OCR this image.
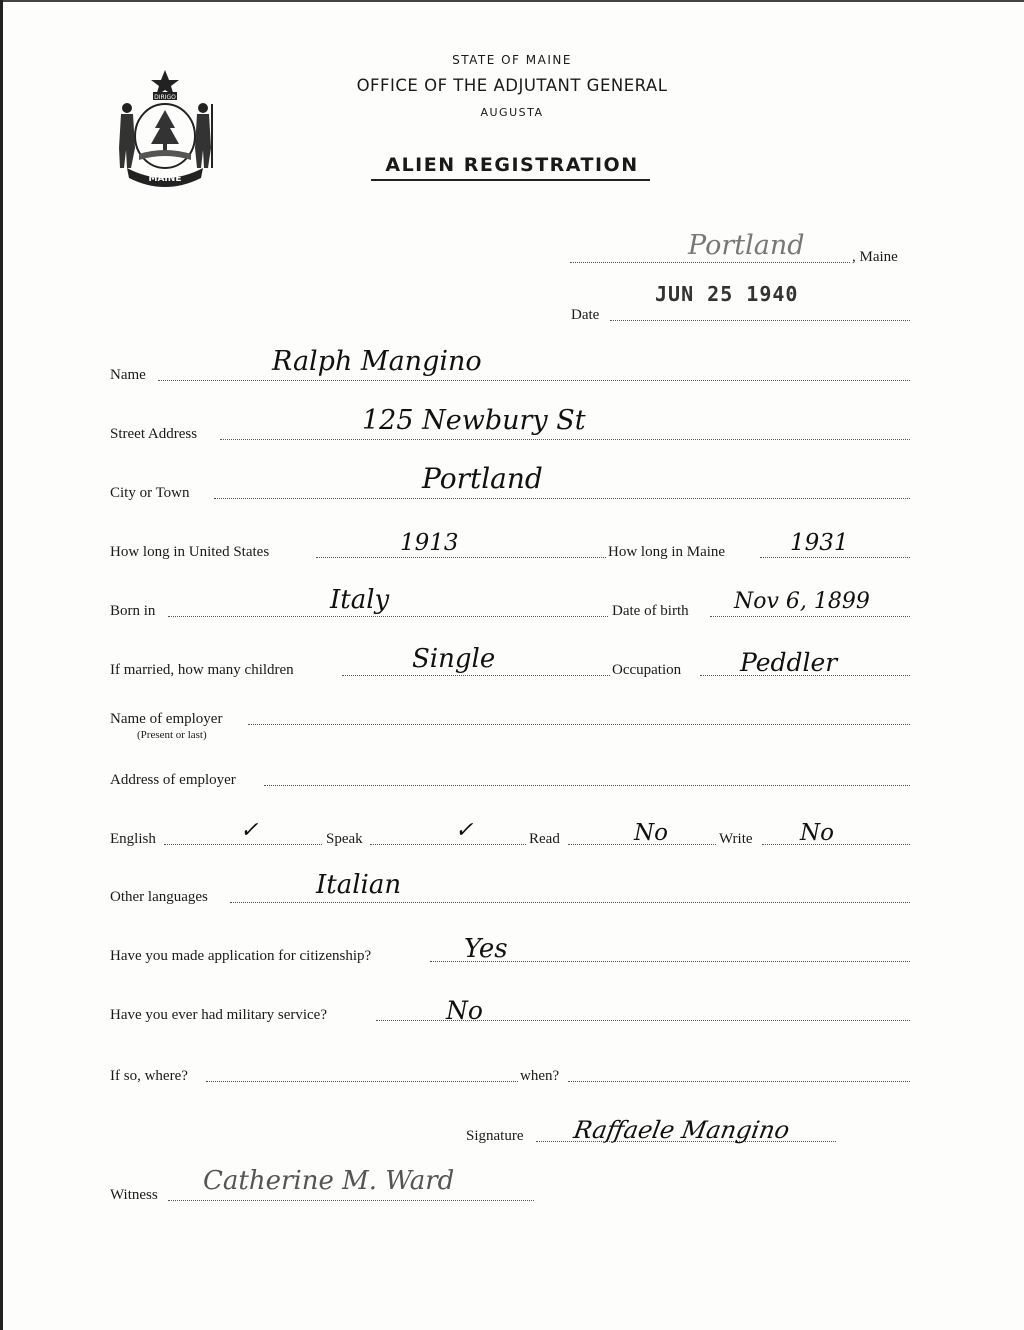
DIRIGO
MAINE
STATE OF MAINE
OFFICE OF THE ADJUTANT GENERAL
AUGUSTA
ALIEN REGISTRATION
Portland	, Maine
JUN 25 1940
Date
Name	Ralph Mangino
Street Address	125 Newbury St
City or Town	Portland
How long in United States	1913	How long in Maine	1931
Born in	Italy	Date of birth Nov 6, 1899
If married, how many children	Single	Occupation Peddler
Name of employer
(Present or last)
Address of employer
English	✓	Speak	✓	Read	No	Write No
Other languages	Italian
Have you made application for citizenship?	Yes
Have you ever had military service?	No
If so, where?	when?
Signature Raffaele Mangino
Witness Catherine M. Ward
